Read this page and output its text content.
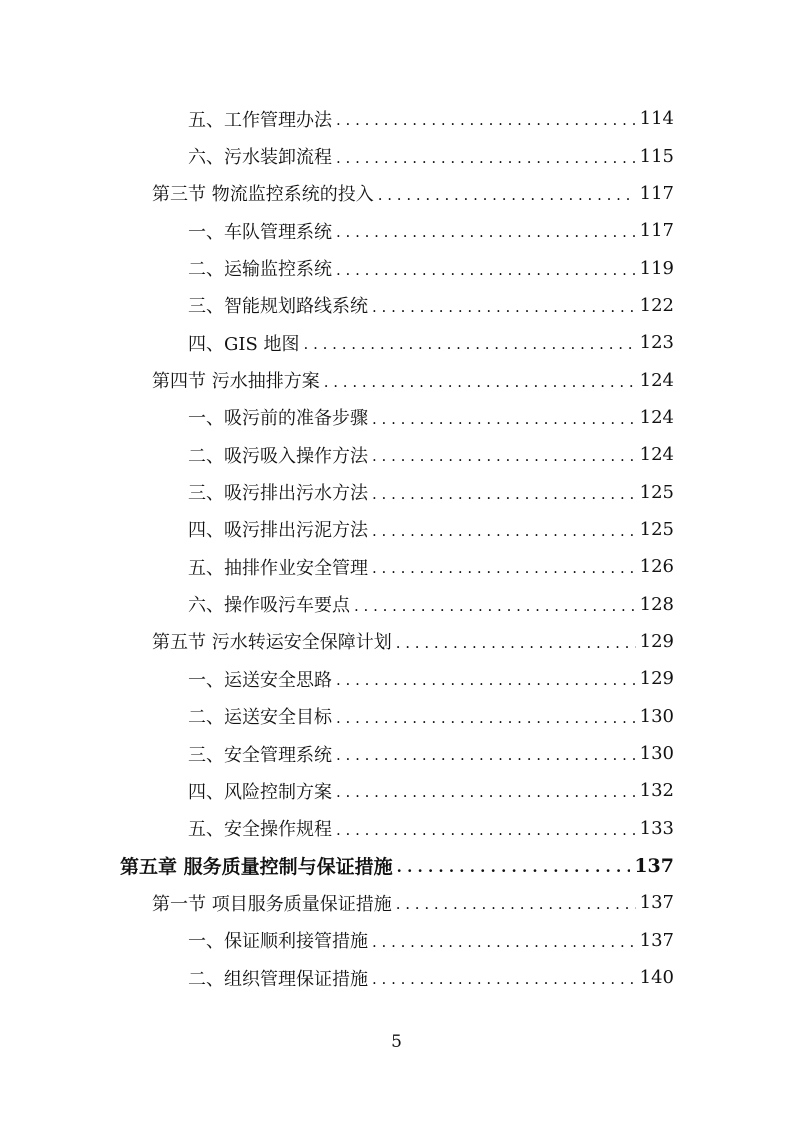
五、工作管理办法 . . .	114
六、污水装卸流程 . . .	115
第三节 物流监控系统的投入 . . .	117
一、车队管理系统 . . .	117
二、运输监控系统 . . .	119
三、智能规划路线系统 . . .	122
四、GIS 地图 . . .	123
第四节 污水抽排方案 . . .	124
一、吸污前的准备步骤 . . .	124
二、吸污吸入操作方法 . . .	124
三、吸污排出污水方法 . . .	125
四、吸污排出污泥方法 . . .	125
五、抽排作业安全管理 . . .	126
六、操作吸污车要点 . . .	128
第五节 污水转运安全保障计划 . . .	129
一、运送安全思路 . . .	129
二、运送安全目标 . . .	130
三、安全管理系统 . . .	130
四、风险控制方案 . . .	132
五、安全操作规程 . . .	133
第五章 服务质量控制与保证措施 . . .	137
第一节 项目服务质量保证措施 . . .	137
一、保证顺利接管措施 . . .	137
二、组织管理保证措施 . . .	140
5
